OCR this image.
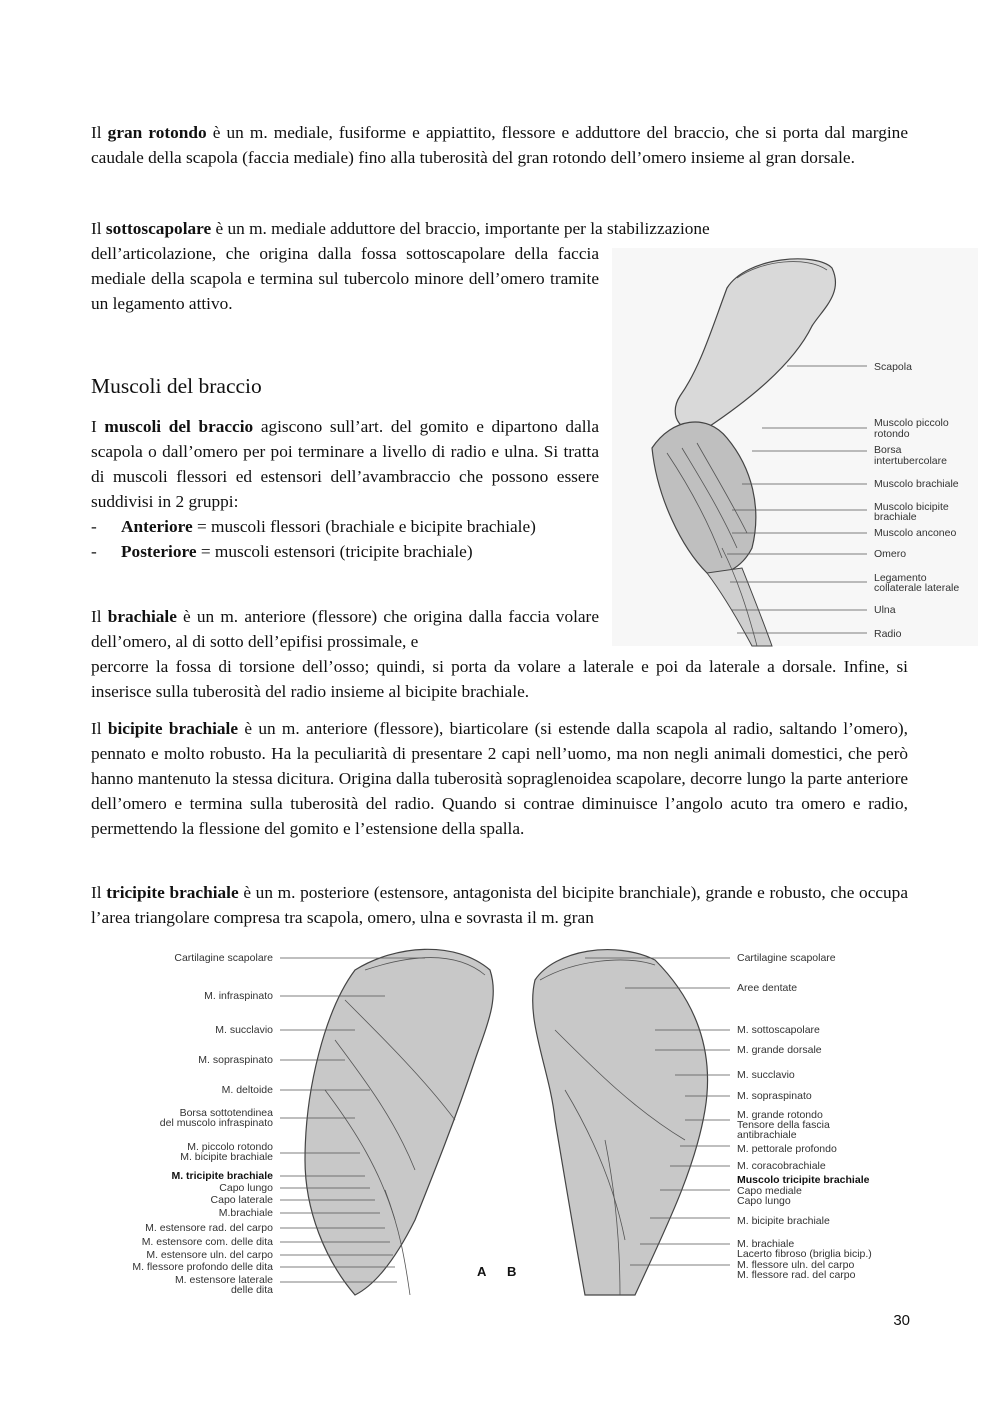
Il gran rotondo è un m. mediale, fusiforme e appiattito, flessore e adduttore del braccio, che si porta dal margine caudale della scapola (faccia mediale) fino alla tuberosità del gran rotondo dell’omero insieme al gran dorsale.

Il sottoscapolare è un m. mediale adduttore del braccio, importante per la stabilizzazione

dell’articolazione, che origina dalla fossa sottoscapolare della faccia mediale della scapola e termina sul tubercolo minore dell’omero tramite un legamento attivo.

Muscoli del braccio

I muscoli del braccio agiscono sull’art. del gomito e dipartono dalla scapola o dall’omero per poi terminare a livello di radio e ulna. Si tratta di muscoli flessori ed estensori dell’avambraccio che possono essere suddivisi in 2 gruppi:

- Anteriore = muscoli flessori (brachiale e bicipite brachiale)
- Posteriore = muscoli estensori (tricipite brachiale)

Il brachiale è un m. anteriore (flessore) che origina dalla faccia volare dell’omero, al di sotto dell’epifisi prossimale, e

percorre la fossa di torsione dell’osso; quindi, si porta da volare a laterale e poi da laterale a dorsale. Infine, si inserisce sulla tuberosità del radio insieme al bicipite brachiale.

Il bicipite brachiale è un m. anteriore (flessore), biarticolare (si estende dalla scapola al radio, saltando l’omero), pennato e molto robusto. Ha la peculiarità di presentare 2 capi nell’uomo, ma non negli animali domestici, che però hanno mantenuto la stessa dicitura. Origina dalla tuberosità sopraglenoidea scapolare, decorre lungo la parte anteriore dell’omero e termina sulla tuberosità del radio. Quando si contrae diminuisce l’angolo acuto tra omero e radio, permettendo la flessione del gomito e l’estensione della spalla.

Il tricipite brachiale è un m. posteriore (estensore, antagonista del bicipite branchiale), grande e robusto, che occupa l’area triangolare compresa tra scapola, omero, ulna e sovrasta il m. gran

Scapola
Muscolo piccolo rotondo
Borsa intertubercolare
Muscolo brachiale
Muscolo bicipite brachiale
Muscolo anconeo
Omero
Legamento collaterale laterale
Ulna
Radio
Cartilagine scapolare
M. infraspinato
M. succlavio
M. sopraspinato
M. deltoide
Borsa sottotendinea del muscolo infraspinato
M. piccolo rotondo M. bicipite brachiale
M. tricipite brachiale
Capo lungo
Capo laterale
M.brachiale
M. estensore rad. del carpo
M. estensore com. delle dita
M. estensore uln. del carpo
M. flessore profondo delle dita
M. estensore laterale delle dita
Cartilagine scapolare
Aree dentate
M. sottoscapolare
M. grande dorsale
M. succlavio
M. sopraspinato
M. grande rotondo Tensore della fascia antibrachiale
M. pettorale profondo
M. coracobrachiale
Muscolo tricipite brachiale
Capo mediale Capo lungo
M. bicipite brachiale
M. brachiale Lacerto fibroso (briglia bicip.)
M. flessore uln. del carpo M. flessore rad. del carpo
A B
30
